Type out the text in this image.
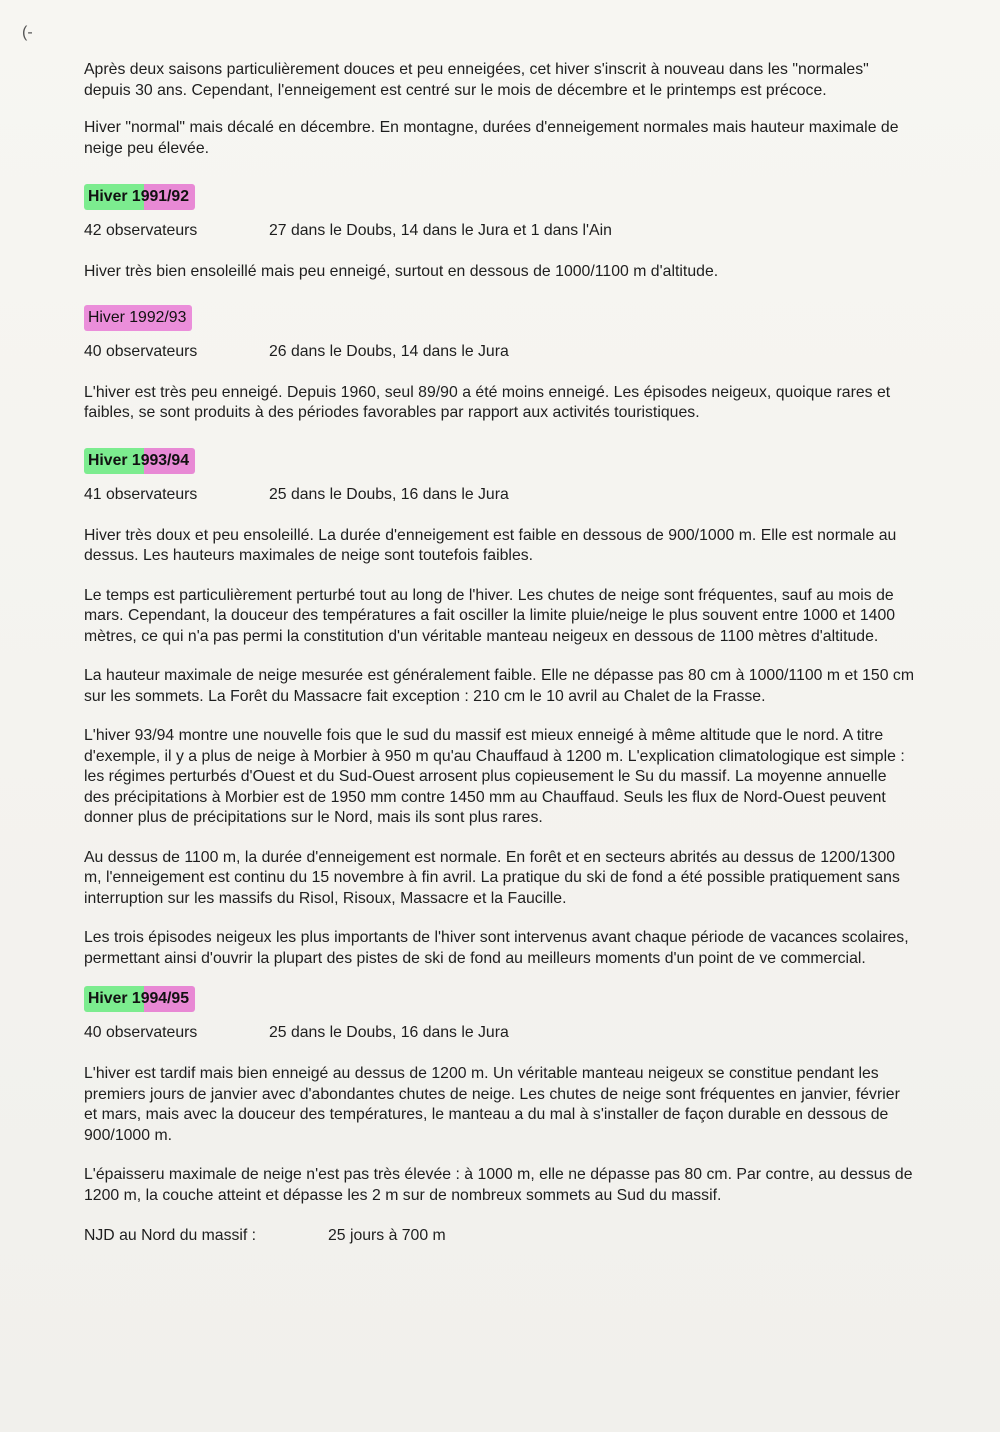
(-

Après deux saisons particulièrement douces et peu enneigées, cet hiver s'inscrit à nouveau dans les "normales" depuis 30 ans. Cependant, l'enneigement est centré sur le mois de décembre et le printemps est précoce.

Hiver "normal" mais décalé en décembre. En montagne, durées d'enneigement normales mais hauteur maximale de neige peu élevée.

Hiver 1991/92
42 observateurs	27 dans le Doubs, 14 dans le Jura et 1 dans l'Ain

Hiver très bien ensoleillé mais peu enneigé, surtout en dessous de 1000/1100 m d'altitude.

Hiver 1992/93
40 observateurs	26 dans le Doubs, 14 dans le Jura

L'hiver est très peu enneigé. Depuis 1960, seul 89/90 a été moins enneigé. Les épisodes neigeux, quoique rares et faibles, se sont produits à des périodes favorables par rapport aux activités touristiques.

Hiver 1993/94
41 observateurs	25 dans le Doubs, 16 dans le Jura

Hiver très doux et peu ensoleillé. La durée d'enneigement est faible en dessous de 900/1000 m. Elle est normale au dessus. Les hauteurs maximales de neige sont toutefois faibles.

Le temps est particulièrement perturbé tout au long de l'hiver. Les chutes de neige sont fréquentes, sauf au mois de mars. Cependant, la douceur des températures a fait osciller la limite pluie/neige le plus souvent entre 1000 et 1400 mètres, ce qui n'a pas permi la constitution d'un véritable manteau neigeux en dessous de 1100 mètres d'altitude.

La hauteur maximale de neige mesurée est généralement faible. Elle ne dépasse pas 80 cm à 1000/1100 m et 150 cm sur les sommets. La Forêt du Massacre fait exception : 210 cm le 10 avril au Chalet de la Frasse.

L'hiver 93/94 montre une nouvelle fois que le sud du massif est mieux enneigé à même altitude que le nord. A titre d'exemple, il y a plus de neige à Morbier à 950 m qu'au Chauffaud à 1200 m. L'explication climatologique est simple : les régimes perturbés d'Ouest et du Sud-Ouest arrosent plus copieusement le Su du massif. La moyenne annuelle des précipitations à Morbier est de 1950 mm contre 1450 mm au Chauffaud. Seuls les flux de Nord-Ouest peuvent donner plus de précipitations sur le Nord, mais ils sont plus rares.

Au dessus de 1100 m, la durée d'enneigement est normale. En forêt et en secteurs abrités au dessus de 1200/1300 m, l'enneigement est continu du 15 novembre à fin avril. La pratique du ski de fond a été possible pratiquement sans interruption sur les massifs du Risol, Risoux, Massacre et la Faucille.

Les trois épisodes neigeux les plus importants de l'hiver sont intervenus avant chaque période de vacances scolaires, permettant ainsi d'ouvrir la plupart des pistes de ski de fond au meilleurs moments d'un point de ve commercial.

Hiver 1994/95
40 observateurs	25 dans le Doubs, 16 dans le Jura

L'hiver est tardif mais bien enneigé au dessus de 1200 m. Un véritable manteau neigeux se constitue pendant les premiers jours de janvier avec d'abondantes chutes de neige. Les chutes de neige sont fréquentes en janvier, février et mars, mais avec la douceur des températures, le manteau a du mal à s'installer de façon durable en dessous de 900/1000 m.

L'épaisseru maximale de neige n'est pas très élevée : à 1000 m, elle ne dépasse pas 80 cm. Par contre, au dessus de 1200 m, la couche atteint et dépasse les 2 m sur de nombreux sommets au Sud du massif.

NJD au Nord du massif :	25 jours à 700 m
